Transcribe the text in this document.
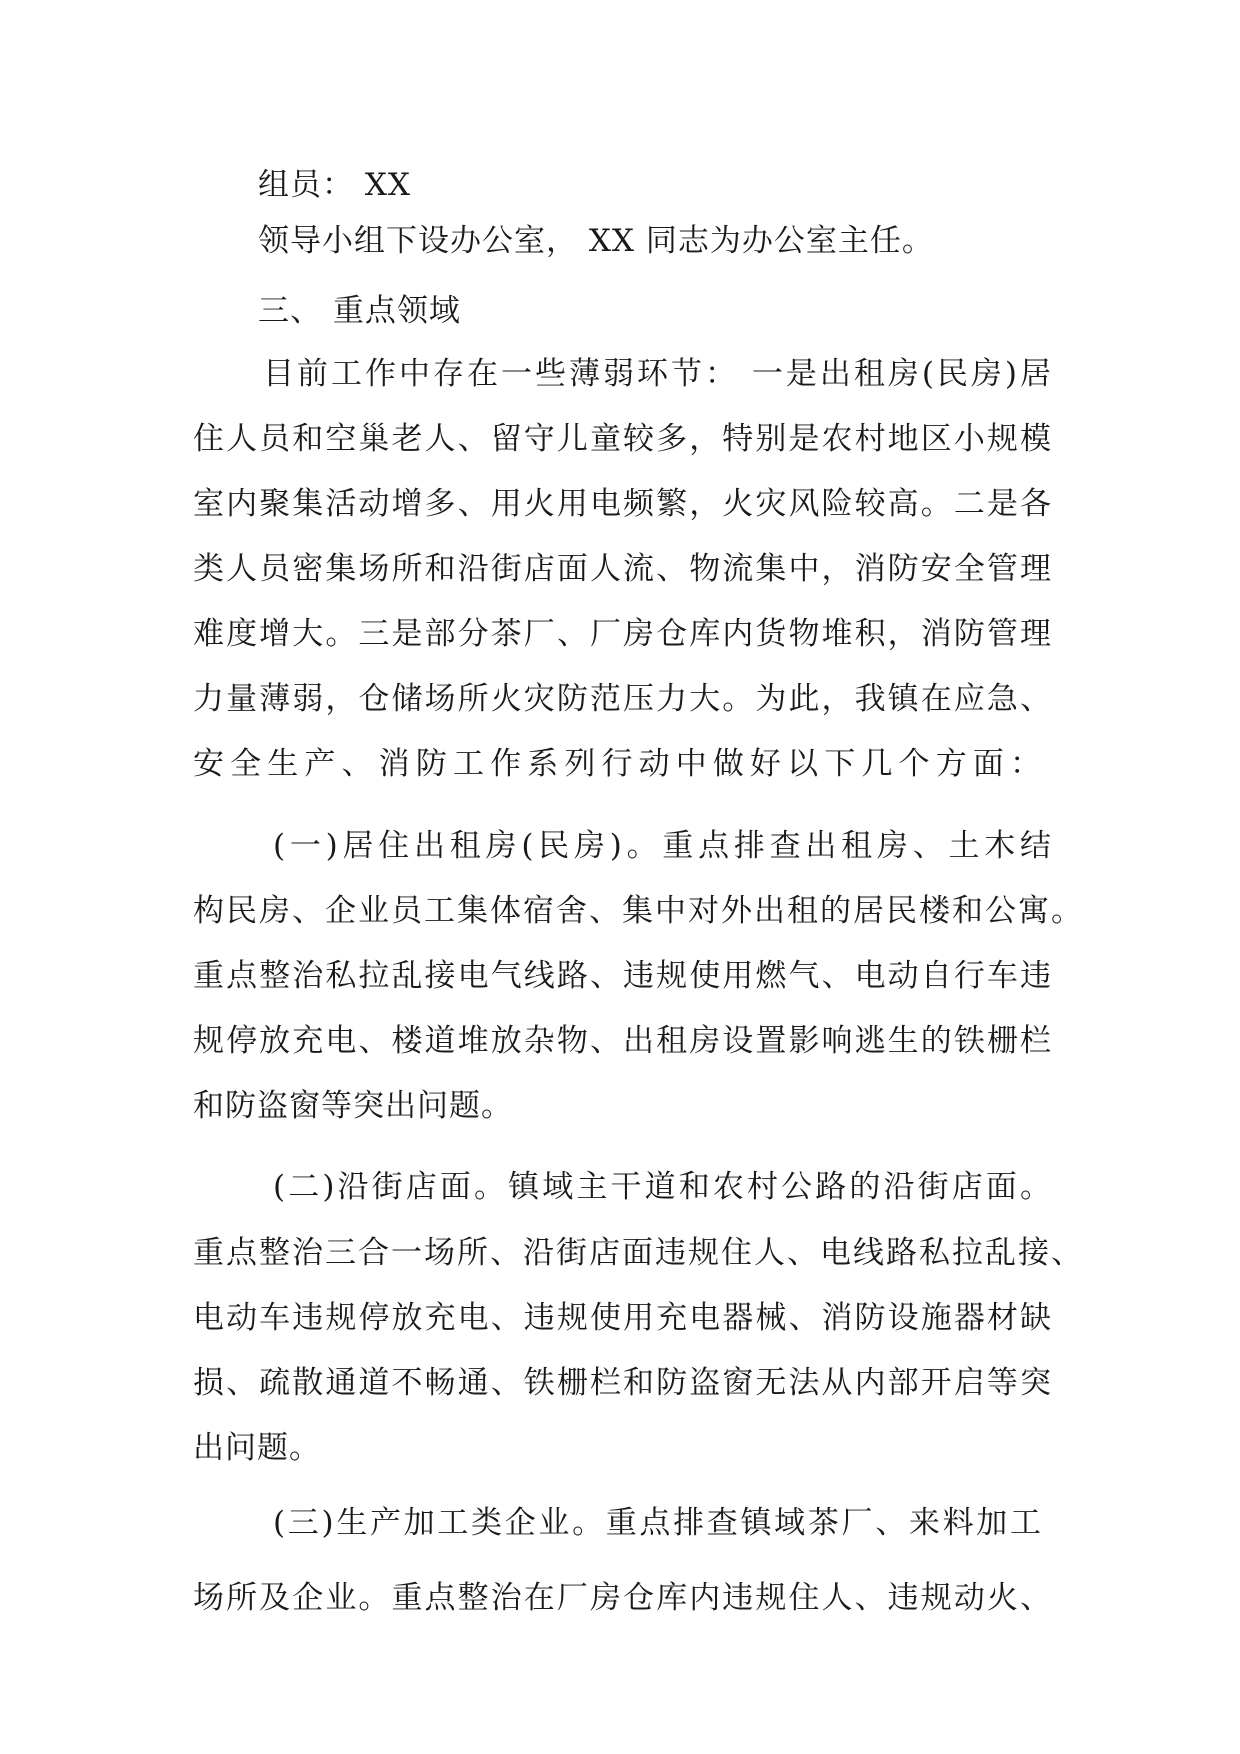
组员： XX
领导小组下设办公室， XX 同志为办公室主任。
三、 重点领域
目前工作中存在一些薄弱环节： 一是出租房(民房)居
住人员和空巢老人、留守儿童较多，特别是农村地区小规模
室内聚集活动增多、用火用电频繁，火灾风险较高。二是各
类人员密集场所和沿街店面人流、物流集中，消防安全管理
难度增大。三是部分茶厂、厂房仓库内货物堆积，消防管理
力量薄弱，仓储场所火灾防范压力大。为此，我镇在应急、
安全生产、消防工作系列行动中做好以下几个方面：
(一)居住出租房(民房)。重点排查出租房、土木结
构民房、企业员工集体宿舍、集中对外出租的居民楼和公寓。
重点整治私拉乱接电气线路、违规使用燃气、电动自行车违
规停放充电、楼道堆放杂物、出租房设置影响逃生的铁栅栏
和防盗窗等突出问题。
(二)沿街店面。镇域主干道和农村公路的沿街店面。
重点整治三合一场所、沿街店面违规住人、电线路私拉乱接、
电动车违规停放充电、违规使用充电器械、消防设施器材缺
损、疏散通道不畅通、铁栅栏和防盗窗无法从内部开启等突
出问题。
(三)生产加工类企业。重点排查镇域茶厂、来料加工
场所及企业。重点整治在厂房仓库内违规住人、违规动火、
